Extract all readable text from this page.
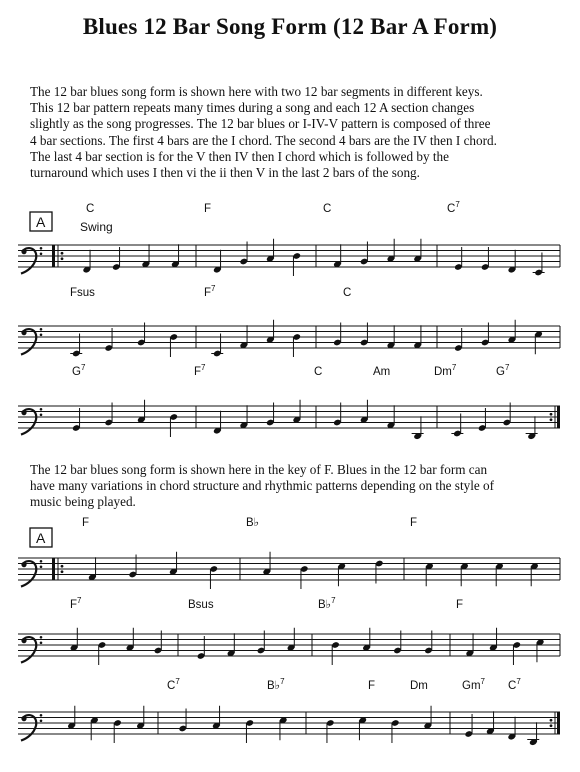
Blues 12 Bar Song Form (12 Bar A Form)
The 12 bar blues song form is shown here with two 12 bar segments in different keys.
This 12 bar pattern repeats many times during a song and each 12 A section changes
slightly as the song progresses. The 12 bar blues or I-IV-V pattern is composed of three
4 bar sections. The first 4 bars are the I chord. The second 4 bars are the IV then I chord.
The last 4 bar section is for the V then IV then I chord which is followed by the
turnaround which uses I then vi the ii then V in the last 2 bars of the song.
The 12 bar blues song form is shown here in the key of F. Blues in the 12 bar form can
have many variations in chord structure and rhythmic patterns depending on the style of
music being played.
A	Swing
A
C	F	C	$C^7$
Fsus	$F^7$	C
$G^7$	$F^7$	C	Am	Dm$^7$	$G^7$
F	B♭	F
$F^7$	Bsus	B♭$^7$	F
$C^7$	B♭$^7$	F	Dm	Gm$^7$ $C^7$
